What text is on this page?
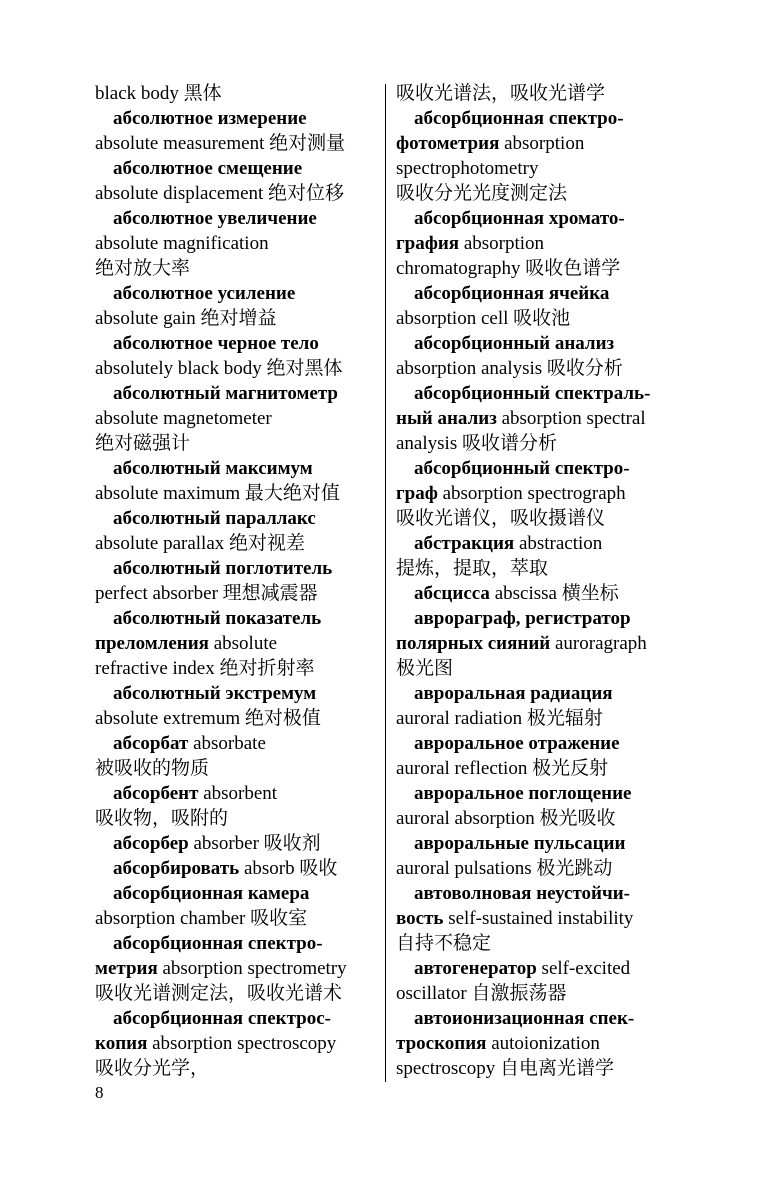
black body 黑体
абсолютное измерение
absolute measurement 绝对测量
абсолютное смещение
absolute displacement 绝对位移
абсолютное увеличение
absolute magnification
绝对放大率
абсолютное усиление
absolute gain 绝对增益
абсолютное черное тело
absolutely black body 绝对黑体
абсолютный магнитометр
absolute magnetometer
绝对磁强计
абсолютный максимум
absolute maximum 最大绝对值
абсолютный параллакс
absolute parallax 绝对视差
абсолютный поглотитель
perfect absorber 理想减震器
абсолютный показатель
преломления absolute
refractive index 绝对折射率
абсолютный экстремум
absolute extremum 绝对极值
абсорбат absorbate
被吸收的物质
абсорбент absorbent
吸收物，吸附的
абсорбер absorber 吸收剂
абсорбировать absorb 吸收
абсорбционная камера
absorption chamber 吸收室
абсорбционная спектро-
метрия absorption spectrometry
吸收光谱测定法，吸收光谱术
абсорбционная спектрос-
копия absorption spectroscopy
吸收分光学，
吸收光谱法，吸收光谱学
абсорбционная спектро-
фотометрия absorption
spectrophotometry
吸收分光光度测定法
абсорбционная хромато-
графия absorption
chromatography 吸收色谱学
абсорбционная ячейка
absorption cell 吸收池
абсорбционный анализ
absorption analysis 吸收分析
абсорбционный спектраль-
ный анализ absorption spectral
analysis 吸收谱分析
абсорбционный спектро-
граф absorption spectrograph
吸收光谱仪，吸收摄谱仪
абстракция abstraction
提炼，提取，萃取
абсцисса abscissa 横坐标
аврораграф, регистратор
полярных сияний auroragraph
极光图
авроральная радиация
auroral radiation 极光辐射
авроральное отражение
auroral reflection 极光反射
авроральное поглощение
auroral absorption 极光吸收
авроральные пульсации
auroral pulsations 极光跳动
автоволновая неустойчи-
вость self-sustained instability
自持不稳定
автогенератор self-excited
oscillator 自激振荡器
автоионизационная спек-
троскопия autoionization
spectroscopy 自电离光谱学
8
